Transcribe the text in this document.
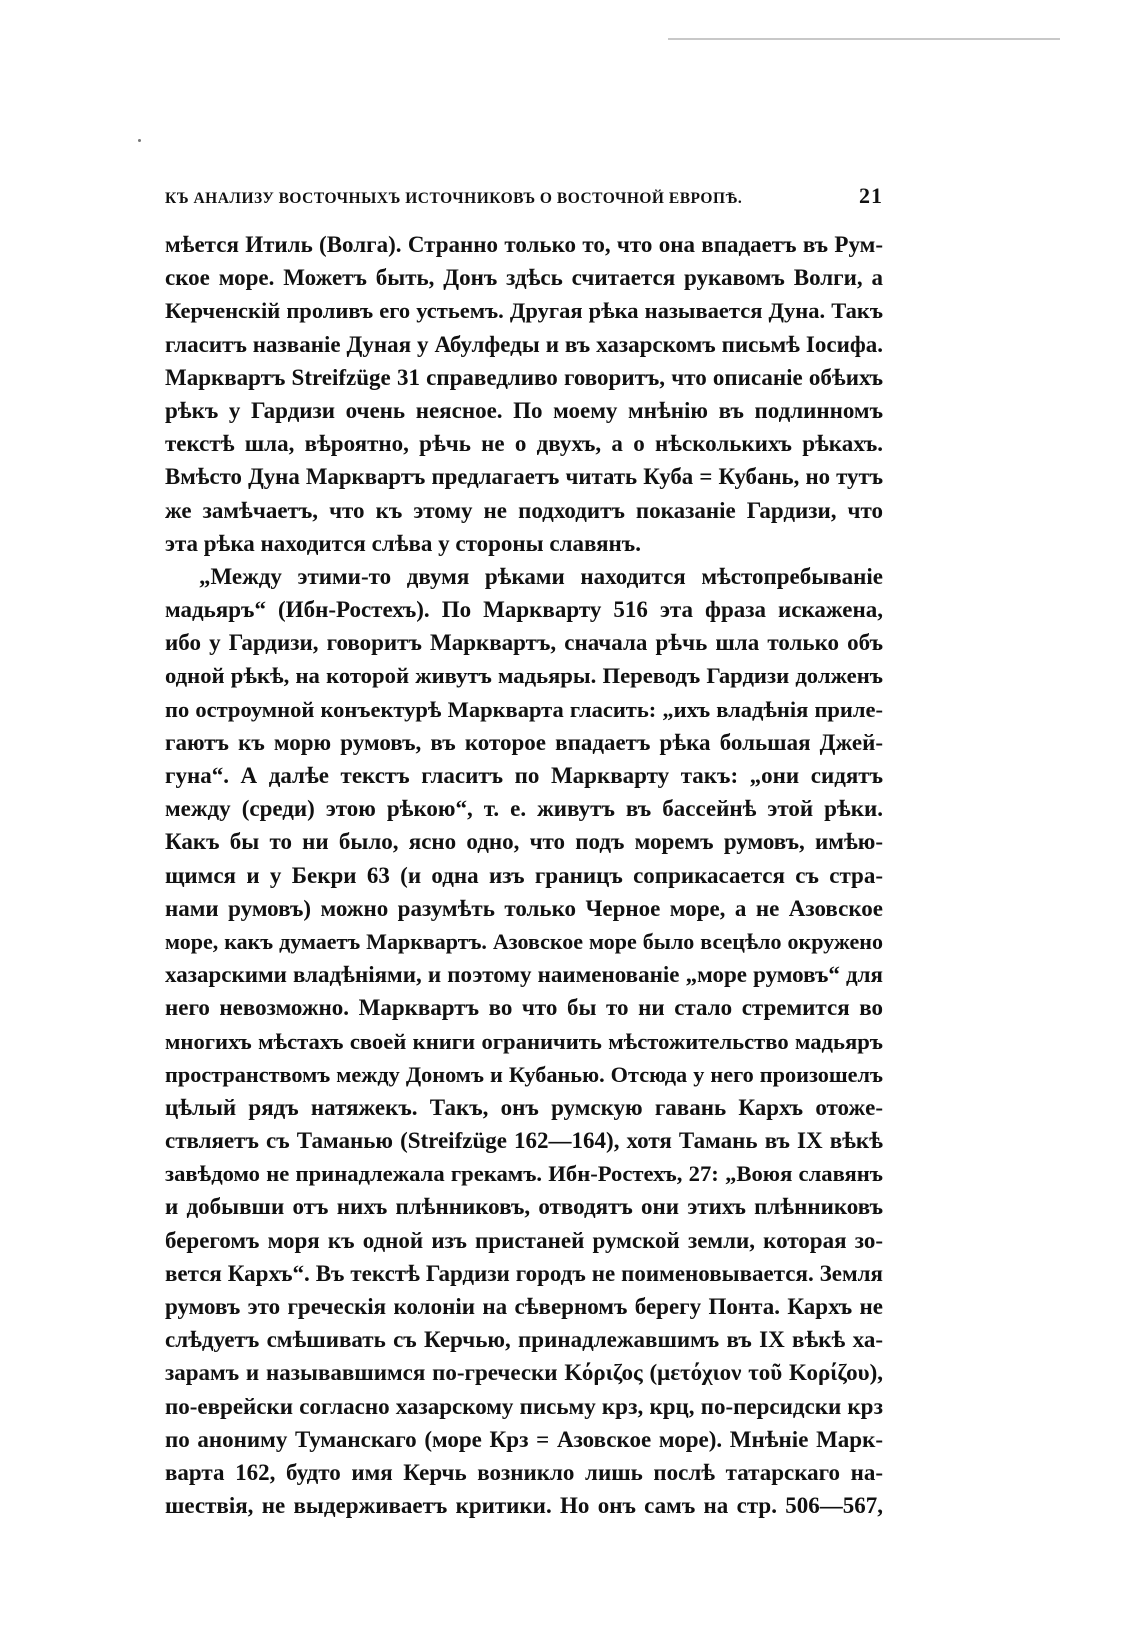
КЪ АНАЛИЗУ ВОСТОЧНЫХЪ ИСТОЧНИКОВЪ О ВОСТОЧНОЙ ЕВРОПѢ.	21
мѣется Итиль (Волга). Странно только то, что она впадаетъ въ Рум-
ское море. Можетъ быть, Донъ здѣсь считается рукавомъ Волги, а
Керченскій проливъ его устьемъ. Другая рѣка называется Дуна. Такъ
гласитъ названіе Дуная у Абулфеды и въ хазарскомъ письмѣ Іосифа.
Марквартъ Streifzüge 31 справедливо говоритъ, что описаніе обѣихъ
рѣкъ у Гардизи очень неясное. По моему мнѣнію въ подлинномъ
текстѣ шла, вѣроятно, рѣчь не о двухъ, а о нѣсколькихъ рѣкахъ.
Вмѣсто Дуна Марквартъ предлагаетъ читать Куба = Кубань, но тутъ
же замѣчаетъ, что къ этому не подходитъ показаніе Гардизи, что
эта рѣка находится слѣва у стороны славянъ.
„Между этими-то двумя рѣками находится мѣстопребываніе
мадьяръ“ (Ибн-Ростехъ). По Маркварту 516 эта фраза искажена,
ибо у Гардизи, говоритъ Марквартъ, сначала рѣчь шла только объ
одной рѣкѣ, на которой живутъ мадьяры. Переводъ Гардизи долженъ
по остроумной конъектурѣ Маркварта гласить: „ихъ владѣнія приле-
гаютъ къ морю румовъ, въ которое впадаетъ рѣка большая Джей-
гуна“. А далѣе текстъ гласитъ по Маркварту такъ: „они сидятъ
между (среди) этою рѣкою“, т. е. живутъ въ бассейнѣ этой рѣки.
Какъ бы то ни было, ясно одно, что подъ моремъ румовъ, имѣю-
щимся и у Бекри 63 (и одна изъ границъ соприкасается съ стра-
нами румовъ) можно разумѣть только Черное море, а не Азовское
море, какъ думаетъ Марквартъ. Азовское море было всецѣло окружено
хазарскими владѣніями, и поэтому наименованіе „море румовъ“ для
него невозможно. Марквартъ во что бы то ни стало стремится во
многихъ мѣстахъ своей книги ограничить мѣстожительство мадьяръ
пространствомъ между Дономъ и Кубанью. Отсюда у него произошелъ
цѣлый рядъ натяжекъ. Такъ, онъ румскую гавань Кархъ отожe-
ствляетъ съ Таманью (Streifzüge 162—164), хотя Тамань въ IX вѣкѣ
завѣдомо не принадлежала грекамъ. Ибн-Ростехъ, 27: „Воюя славянъ
и добывши отъ нихъ плѣнниковъ, отводятъ они этихъ плѣнниковъ
берегомъ моря къ одной изъ пристаней румской земли, которая зо-
вется Кархъ“. Въ текстѣ Гардизи городъ не поименовывается. Земля
румовъ это греческія колоніи на сѣверномъ берегу Понта. Кархъ не
слѣдуетъ смѣшивать съ Керчью, принадлежавшимъ въ IX вѣкѣ ха-
зарамъ и называвшимся по-гречески Κόριζος (μετόχιον τοῦ Κορίζου),
по-еврейски согласно хазарскому письму крз, крц, по-персидски крз
по анониму Туманскаго (море Крз = Азовское море). Мнѣніе Марк-
варта 162, будто имя Керчь возникло лишь послѣ татарскаго на-
шествія, не выдерживаетъ критики. Но онъ самъ на стр. 506—567,
